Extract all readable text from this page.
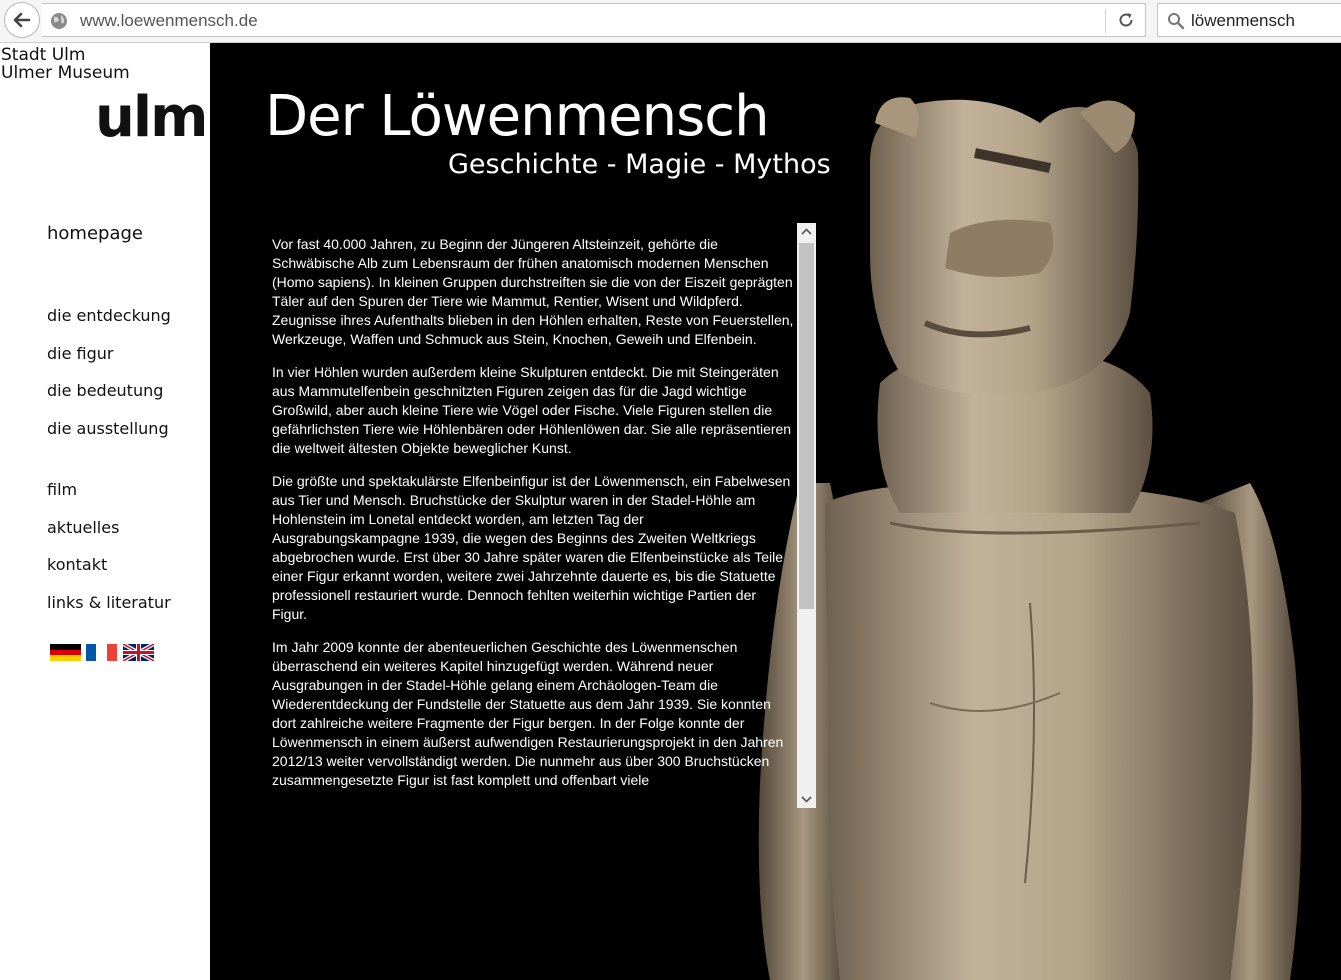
www.loewenmensch.de	löwenmensch
Stadt Ulm
Ulmer Museum
ulm
homepage
die entdeckung
die figur
die bedeutung
die ausstellung
film
aktuelles
kontakt
links & literatur
Der Löwenmensch
Geschichte - Magie - Mythos

Vor fast 40.000 Jahren, zu Beginn der Jüngeren Altsteinzeit, gehörte die Schwäbische Alb zum Lebensraum der frühen anatomisch modernen Menschen (Homo sapiens). In kleinen Gruppen durchstreiften sie die von der Eiszeit geprägten Täler auf den Spuren der Tiere wie Mammut, Rentier, Wisent und Wildpferd. Zeugnisse ihres Aufenthalts blieben in den Höhlen erhalten, Reste von Feuerstellen, Werkzeuge, Waffen und Schmuck aus Stein, Knochen, Geweih und Elfenbein.

In vier Höhlen wurden außerdem kleine Skulpturen entdeckt. Die mit Steingeräten aus Mammutelfenbein geschnitzten Figuren zeigen das für die Jagd wichtige Großwild, aber auch kleine Tiere wie Vögel oder Fische. Viele Figuren stellen die gefährlichsten Tiere wie Höhlenbären oder Höhlenlöwen dar. Sie alle repräsentieren die weltweit ältesten Objekte beweglicher Kunst.

Die größte und spektakulärste Elfenbeinfigur ist der Löwenmensch, ein Fabelwesen aus Tier und Mensch. Bruchstücke der Skulptur waren in der Stadel-Höhle am Hohlenstein im Lonetal entdeckt worden, am letzten Tag der Ausgrabungskampagne 1939, die wegen des Beginns des Zweiten Weltkriegs abgebrochen wurde. Erst über 30 Jahre später waren die Elfenbeinstücke als Teile einer Figur erkannt worden, weitere zwei Jahrzehnte dauerte es, bis die Statuette professionell restauriert wurde. Dennoch fehlten weiterhin wichtige Partien der Figur.

Im Jahr 2009 konnte der abenteuerlichen Geschichte des Löwenmenschen überraschend ein weiteres Kapitel hinzugefügt werden. Während neuer Ausgrabungen in der Stadel-Höhle gelang einem Archäologen-Team die Wiederentdeckung der Fundstelle der Statuette aus dem Jahr 1939. Sie konnten dort zahlreiche weitere Fragmente der Figur bergen. In der Folge konnte der Löwenmensch in einem äußerst aufwendigen Restaurierungsprojekt in den Jahren 2012/13 weiter vervollständigt werden. Die nunmehr aus über 300 Bruchstücken zusammengesetzte Figur ist fast komplett und offenbart viele
